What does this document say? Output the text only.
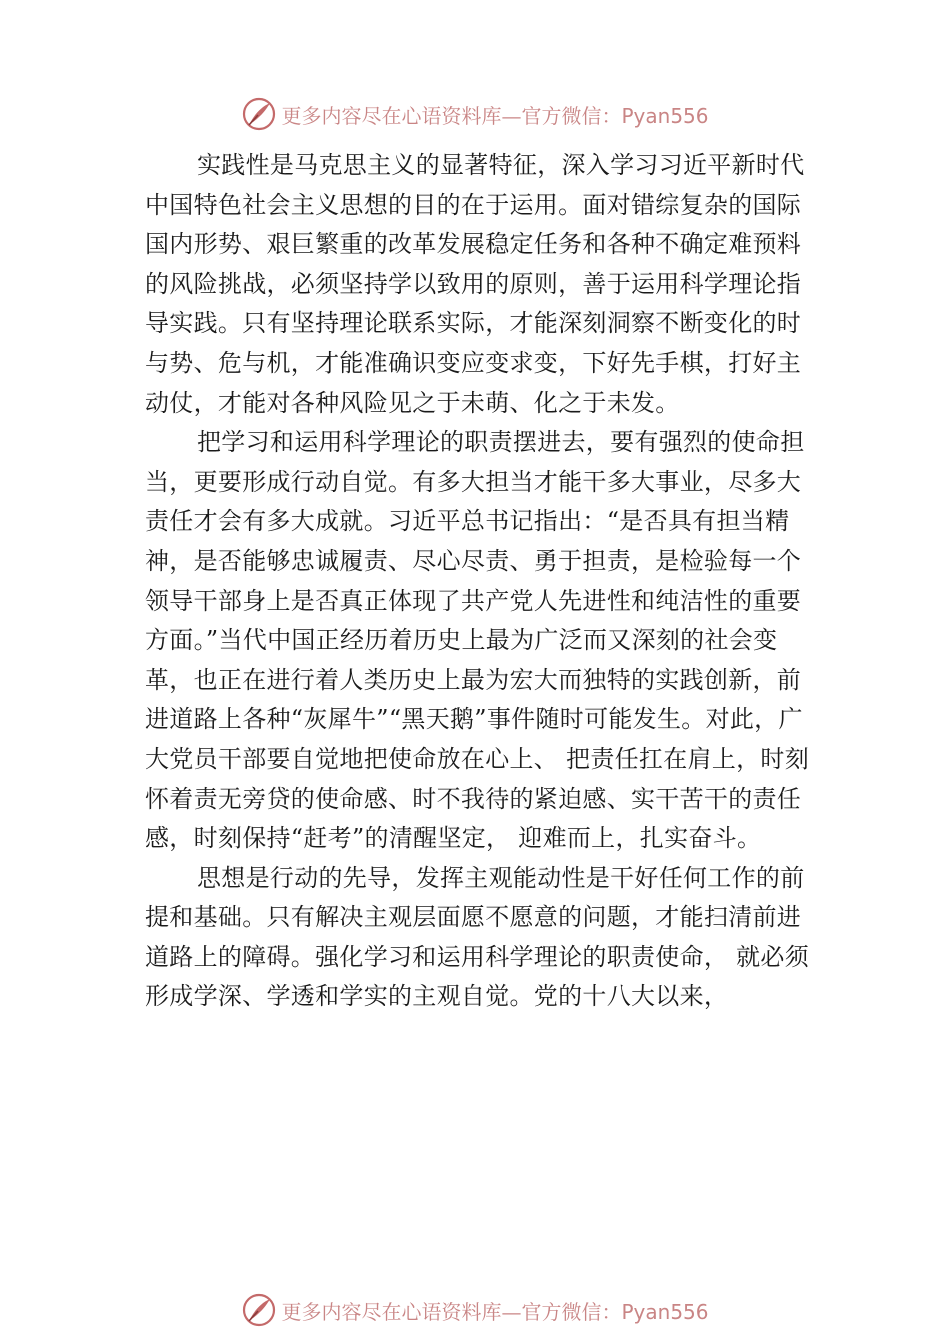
更多内容尽在心语资料库—官方微信：Pyan556

实践性是马克思主义的显著特征，深入学习习近平新时代中国特色社会主义思想的目的在于运用。面对错综复杂的国际国内形势、艰巨繁重的改革发展稳定任务和各种不确定难预料的风险挑战，必须坚持学以致用的原则，善于运用科学理论指导实践。只有坚持理论联系实际，才能深刻洞察不断变化的时与势、危与机，才能准确识变应变求变，下好先手棋，打好主动仗，才能对各种风险见之于未萌、化之于未发。

把学习和运用科学理论的职责摆进去，要有强烈的使命担当，更要形成行动自觉。有多大担当才能干多大事业，尽多大责任才会有多大成就。习近平总书记指出：“是否具有担当精神，是否能够忠诚履责、尽心尽责、勇于担责，是检验每一个领导干部身上是否真正体现了共产党人先进性和纯洁性的重要方面。”当代中国正经历着历史上最为广泛而又深刻的社会变革，也正在进行着人类历史上最为宏大而独特的实践创新，前进道路上各种“灰犀牛”“黑天鹅”事件随时可能发生。对此，广大党员干部要自觉地把使命放在心上、 把责任扛在肩上，时刻怀着责无旁贷的使命感、时不我待的紧迫感、实干苦干的责任感，时刻保持“赶考”的清醒坚定， 迎难而上，扎实奋斗。

思想是行动的先导，发挥主观能动性是干好任何工作的前提和基础。只有解决主观层面愿不愿意的问题，才能扫清前进道路上的障碍。强化学习和运用科学理论的职责使命， 就必须形成学深、学透和学实的主观自觉。党的十八大以来，

更多内容尽在心语资料库—官方微信：Pyan556
